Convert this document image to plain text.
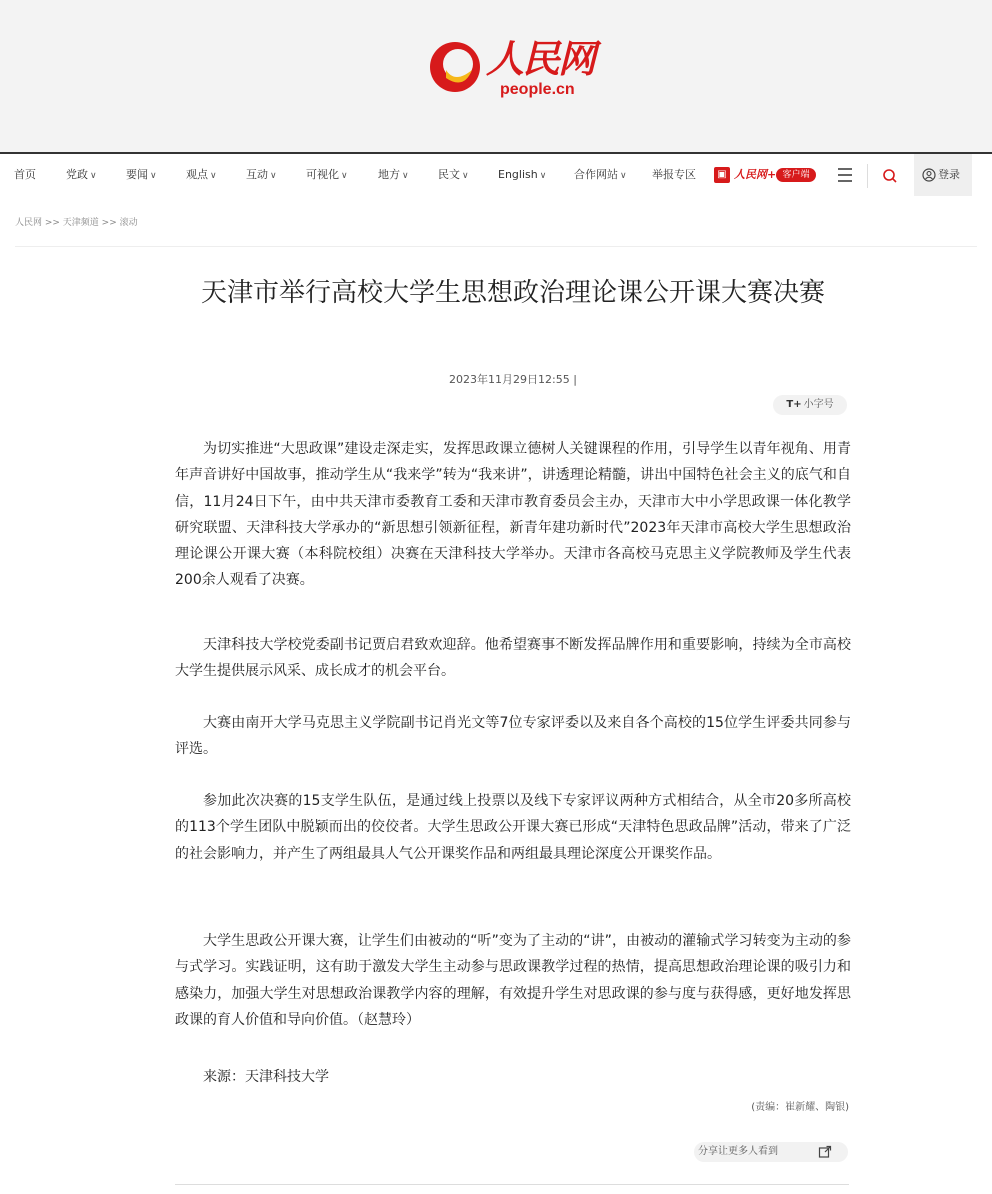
人民网
people.cn
首页	党政 ∨	要闻 ∨	观点 ∨	互动 ∨	可视化 ∨	地方 ∨	民文 ∨	English ∨	合作网站 ∨ 举报专区	▣ 人民网+ 客户端	登录
人民网 >> 天津频道 >> 滚动
天津市举行高校大学生思想政治理论课公开课大赛决赛
2023年11月29日12:55 |
T+ 小字号

为切实推进“大思政课”建设走深走实，发挥思政课立德树人关键课程的作用，引导学生以青年视角、用青年声音讲好中国故事，推动学生从“我来学”转为“我来讲”，讲透理论精髓，讲出中国特色社会主义的底气和自信，11月24日下午，由中共天津市委教育工委和天津市教育委员会主办，天津市大中小学思政课一体化教学研究联盟、天津科技大学承办的“新思想引领新征程，新青年建功新时代”2023年天津市高校大学生思想政治理论课公开课大赛（本科院校组）决赛在天津科技大学举办。天津市各高校马克思主义学院教师及学生代表200余人观看了决赛。

天津科技大学校党委副书记贾启君致欢迎辞。他希望赛事不断发挥品牌作用和重要影响，持续为全市高校大学生提供展示风采、成长成才的机会平台。

大赛由南开大学马克思主义学院副书记肖光文等7位专家评委以及来自各个高校的15位学生评委共同参与评选。

参加此次决赛的15支学生队伍，是通过线上投票以及线下专家评议两种方式相结合，从全市20多所高校的113个学生团队中脱颖而出的佼佼者。大学生思政公开课大赛已形成“天津特色思政品牌”活动，带来了广泛的社会影响力，并产生了两组最具人气公开课奖作品和两组最具理论深度公开课奖作品。

大学生思政公开课大赛，让学生们由被动的“听”变为了主动的“讲”，由被动的灌输式学习转变为主动的参与式学习。实践证明，这有助于激发大学生主动参与思政课教学过程的热情，提高思想政治理论课的吸引力和感染力，加强大学生对思想政治课教学内容的理解，有效提升学生对思政课的参与度与获得感，更好地发挥思政课的育人价值和导向价值。（赵慧玲）

来源：天津科技大学
(责编：崔新耀、陶银)
分享让更多人看到
